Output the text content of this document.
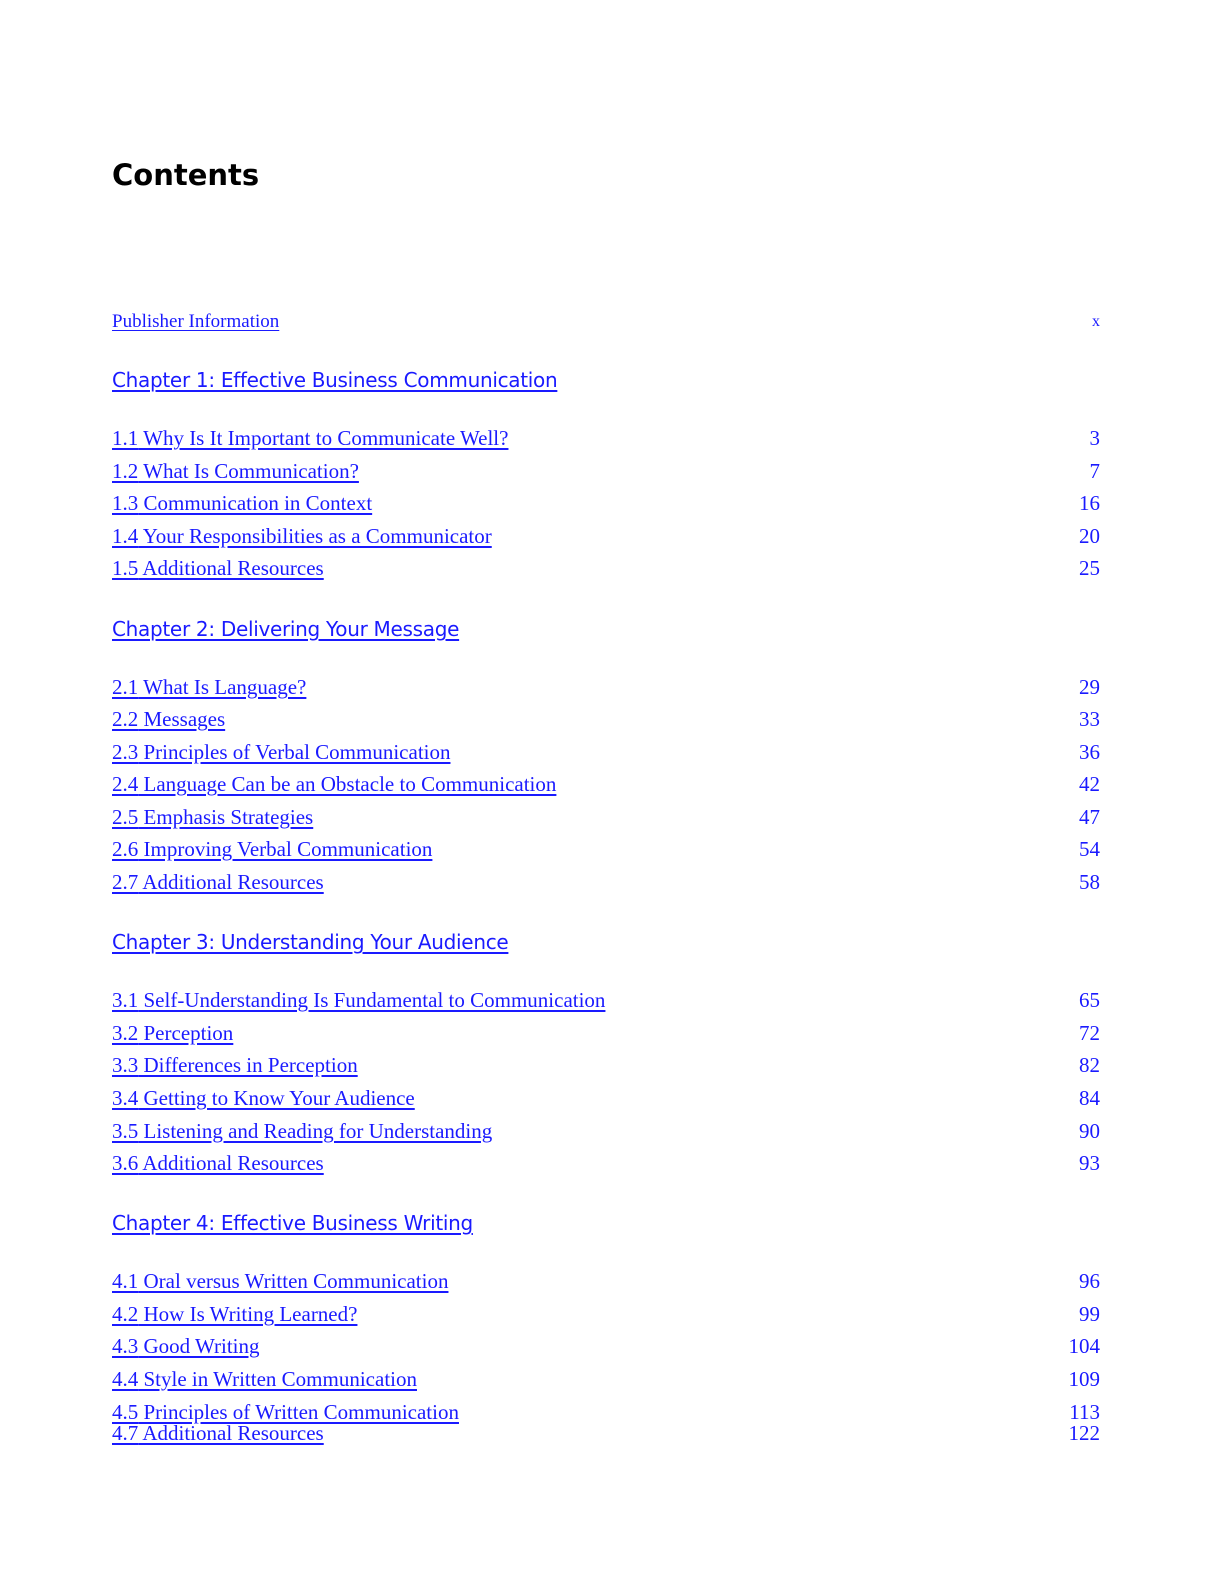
Contents
Publisher Information	x
Chapter 1: Effective Business Communication
1.1 Why Is It Important to Communicate Well?	3
1.2 What Is Communication?	7
1.3 Communication in Context	16
1.4 Your Responsibilities as a Communicator	20
1.5 Additional Resources	25
Chapter 2: Delivering Your Message
2.1 What Is Language?	29
2.2 Messages	33
2.3 Principles of Verbal Communication	36
2.4 Language Can be an Obstacle to Communication	42
2.5 Emphasis Strategies	47
2.6 Improving Verbal Communication	54
2.7 Additional Resources	58
Chapter 3: Understanding Your Audience
3.1 Self-Understanding Is Fundamental to Communication	65
3.2 Perception	72
3.3 Differences in Perception	82
3.4 Getting to Know Your Audience	84
3.5 Listening and Reading for Understanding	90
3.6 Additional Resources	93
Chapter 4: Effective Business Writing
4.1 Oral versus Written Communication	96
4.2 How Is Writing Learned?	99
4.3 Good Writing	104
4.4 Style in Written Communication	109
4.5 Principles of Written Communication	113
4.7 Additional Resources	122
